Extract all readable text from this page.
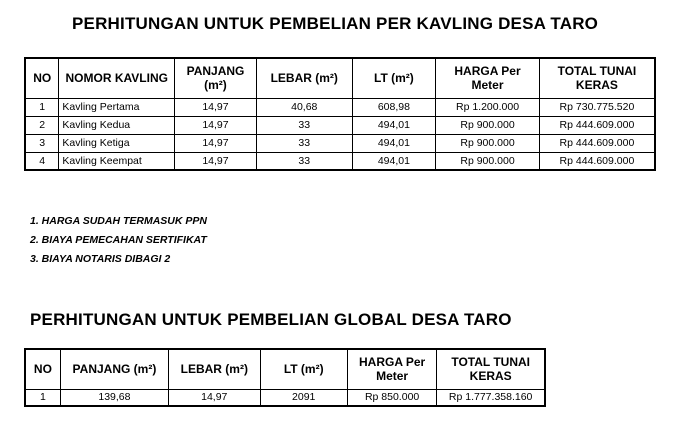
PERHITUNGAN UNTUK PEMBELIAN PER KAVLING DESA TARO
NO	NOMOR KAVLING	PANJANG (m²)	LEBAR (m²)	LT (m²)	HARGA Per Meter	TOTAL TUNAI KERAS
1	Kavling Pertama	14,97	40,68	608,98	Rp 1.200.000	Rp 730.775.520
2	Kavling Kedua	14,97	33	494,01	Rp 900.000	Rp 444.609.000
3	Kavling Ketiga	14,97	33	494,01	Rp 900.000	Rp 444.609.000
4	Kavling Keempat	14,97	33	494,01	Rp 900.000	Rp 444.609.000
1. HARGA SUDAH TERMASUK PPN
2. BIAYA PEMECAHAN SERTIFIKAT
3. BIAYA NOTARIS DIBAGI 2
PERHITUNGAN UNTUK PEMBELIAN GLOBAL DESA TARO
NO	PANJANG (m²)	LEBAR (m²)	LT (m²)	HARGA Per Meter	TOTAL TUNAI KERAS
1	139,68	14,97	2091	Rp 850.000	Rp 1.777.358.160
